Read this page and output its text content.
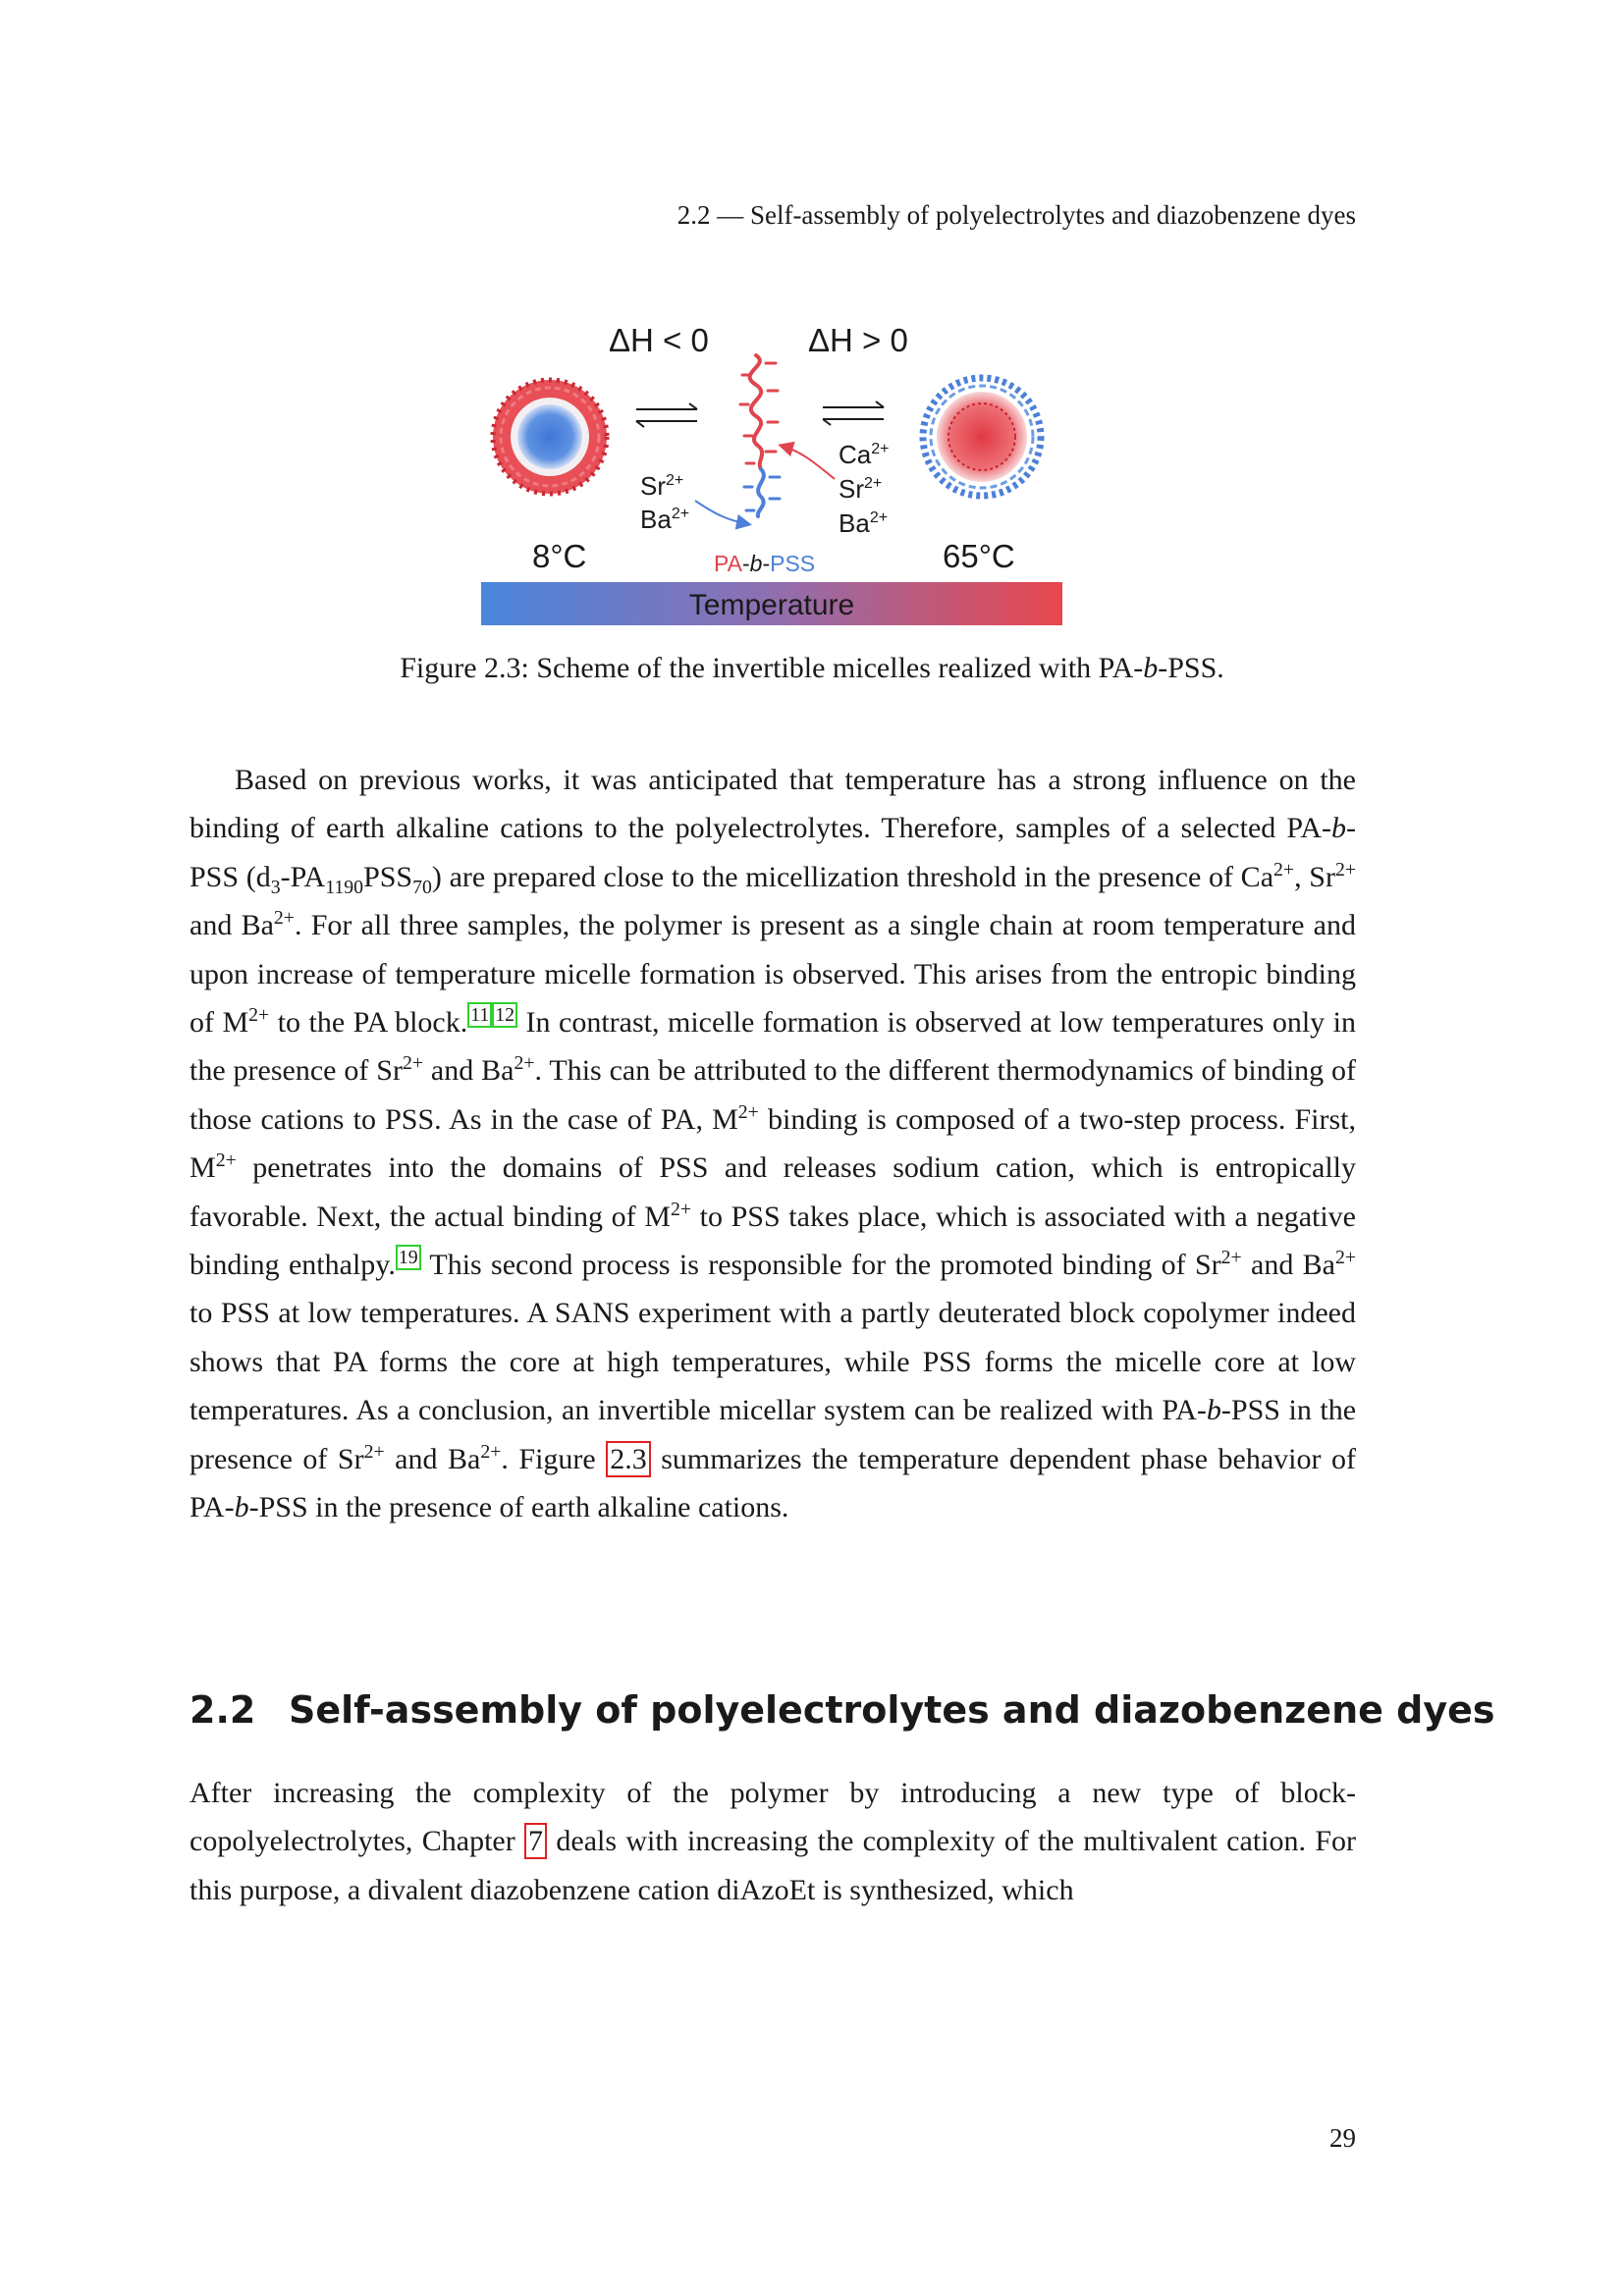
2.2 — Self-assembly of polyelectrolytes and diazobenzene dyes
ΔH < 0	ΔH > 0
$Sr^{2+}$
$Ba^{2+}$
$Ca^{2+}$
$Sr^{2+}$
$Ba^{2+}$
8°C	65°C
PA-b-PSS
Temperature
Figure 2.3: Scheme of the invertible micelles realized with PA-b-PSS.
Based on previous works, it was anticipated that temperature has a strong influence on the binding of earth alkaline cations to the polyelectrolytes. Therefore, samples of a selected PA-b-PSS $(d_3-PA_{1190}PSS_{70})$ are prepared close to the micellization threshold in the presence of $Ca^{2+}$, $Sr^{2+}$ and $Ba^{2+}$. For all three samples, the polymer is present as a single chain at room temperature and upon increase of temperature micelle formation is observed. This arises from the entropic binding of $M^{2+}$ to the PA block. $^{11 12}$ In contrast, micelle formation is observed at low temperatures only in the presence of $Sr^{2+}$ and $Ba^{2+}$. This can be attributed to the different thermodynamics of binding of those cations to PSS. As in the case of PA, $M^{2+}$ binding is composed of a two-step process. First, $M^{2+}$ penetrates into the domains of PSS and releases sodium cation, which is entropically favorable. Next, the actual binding of $M^{2+}$ to PSS takes place, which is associated with a negative binding enthalpy. $^{19}$ This second process is responsible for the promoted binding of $Sr^{2+}$ and $Ba^{2+}$ to PSS at low temperatures. A SANS experiment with a partly deuterated block copolymer indeed shows that PA forms the core at high temperatures, while PSS forms the micelle core at low temperatures. As a conclusion, an invertible micellar system can be realized with PA-b-PSS in the presence of $Sr^{2+}$ and $Ba^{2+}$. Figure 2.3 summarizes the temperature dependent phase behavior of PA-b-PSS in the presence of earth alkaline cations.
2.2 Self-assembly of polyelectrolytes and diazobenzene dyes
After increasing the complexity of the polymer by introducing a new type of block-copolyelectrolytes, Chapter 7 deals with increasing the complexity of the multivalent cation. For this purpose, a divalent diazobenzene cation diAzoEt is synthesized, which
29
